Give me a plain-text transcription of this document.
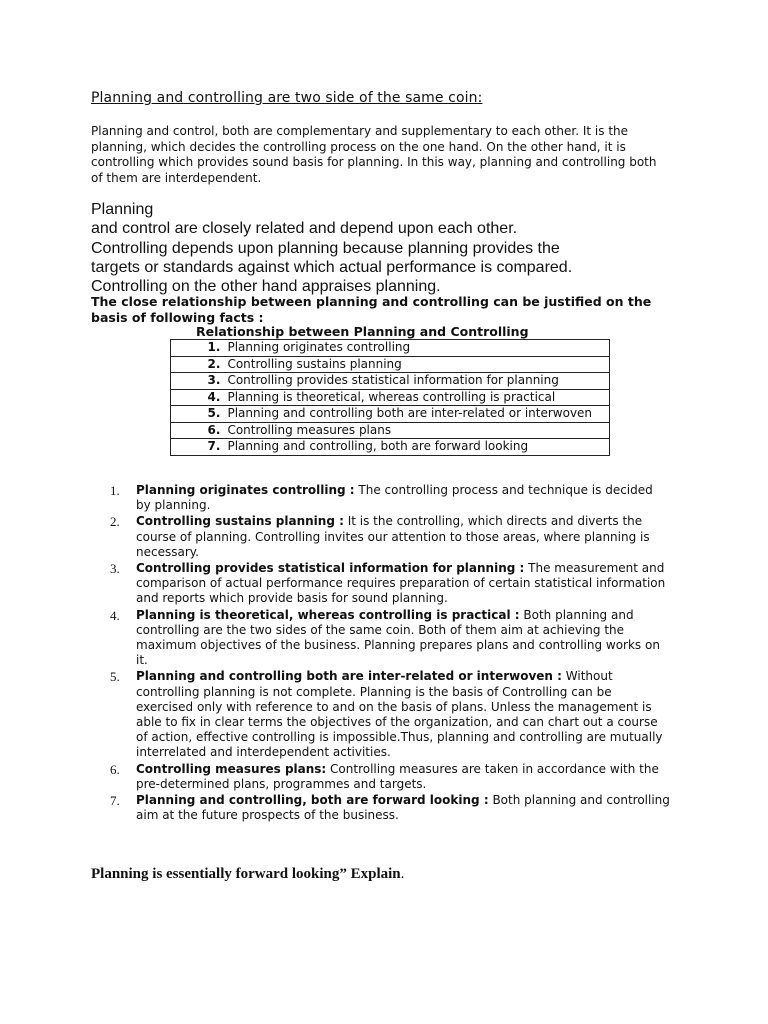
Planning and controlling are two side of the same coin:

Planning and control, both are complementary and supplementary to each other. It is the planning, which decides the controlling process on the one hand. On the other hand, it is controlling which provides sound basis for planning. In this way, planning and controlling both of them are interdependent.

Planning
and control are closely related and depend upon each other.
Controlling depends upon planning because planning provides the
targets or standards against which actual performance is compared.
Controlling on the other hand appraises planning.

The close relationship between planning and controlling can be justified on the basis of following facts :

Relationship between Planning and Controlling

1.	Planning originates controlling
2.	Controlling sustains planning
3.	Controlling provides statistical information for planning
4.	Planning is theoretical, whereas controlling is practical
5.	Planning and controlling both are inter-related or interwoven
6.	Controlling measures plans
7.	Planning and controlling, both are forward looking
1.	Planning originates controlling : The controlling process and technique is decided by planning.
2.	Controlling sustains planning : It is the controlling, which directs and diverts the course of planning. Controlling invites our attention to those areas, where planning is necessary.
3.	Controlling provides statistical information for planning : The measurement and comparison of actual performance requires preparation of certain statistical information and reports which provide basis for sound planning.
4.	Planning is theoretical, whereas controlling is practical : Both planning and controlling are the two sides of the same coin. Both of them aim at achieving the maximum objectives of the business. Planning prepares plans and controlling works on it.
5.	Planning and controlling both are inter-related or interwoven : Without controlling planning is not complete. Planning is the basis of Controlling can be exercised only with reference to and on the basis of plans. Unless the management is able to fix in clear terms the objectives of the organization, and can chart out a course of action, effective controlling is impossible.Thus, planning and controlling are mutually interrelated and interdependent activities.
6.	Controlling measures plans: Controlling measures are taken in accordance with the pre-determined plans, programmes and targets.
7.	Planning and controlling, both are forward looking : Both planning and controlling aim at the future prospects of the business.

Planning is essentially forward looking” Explain.
